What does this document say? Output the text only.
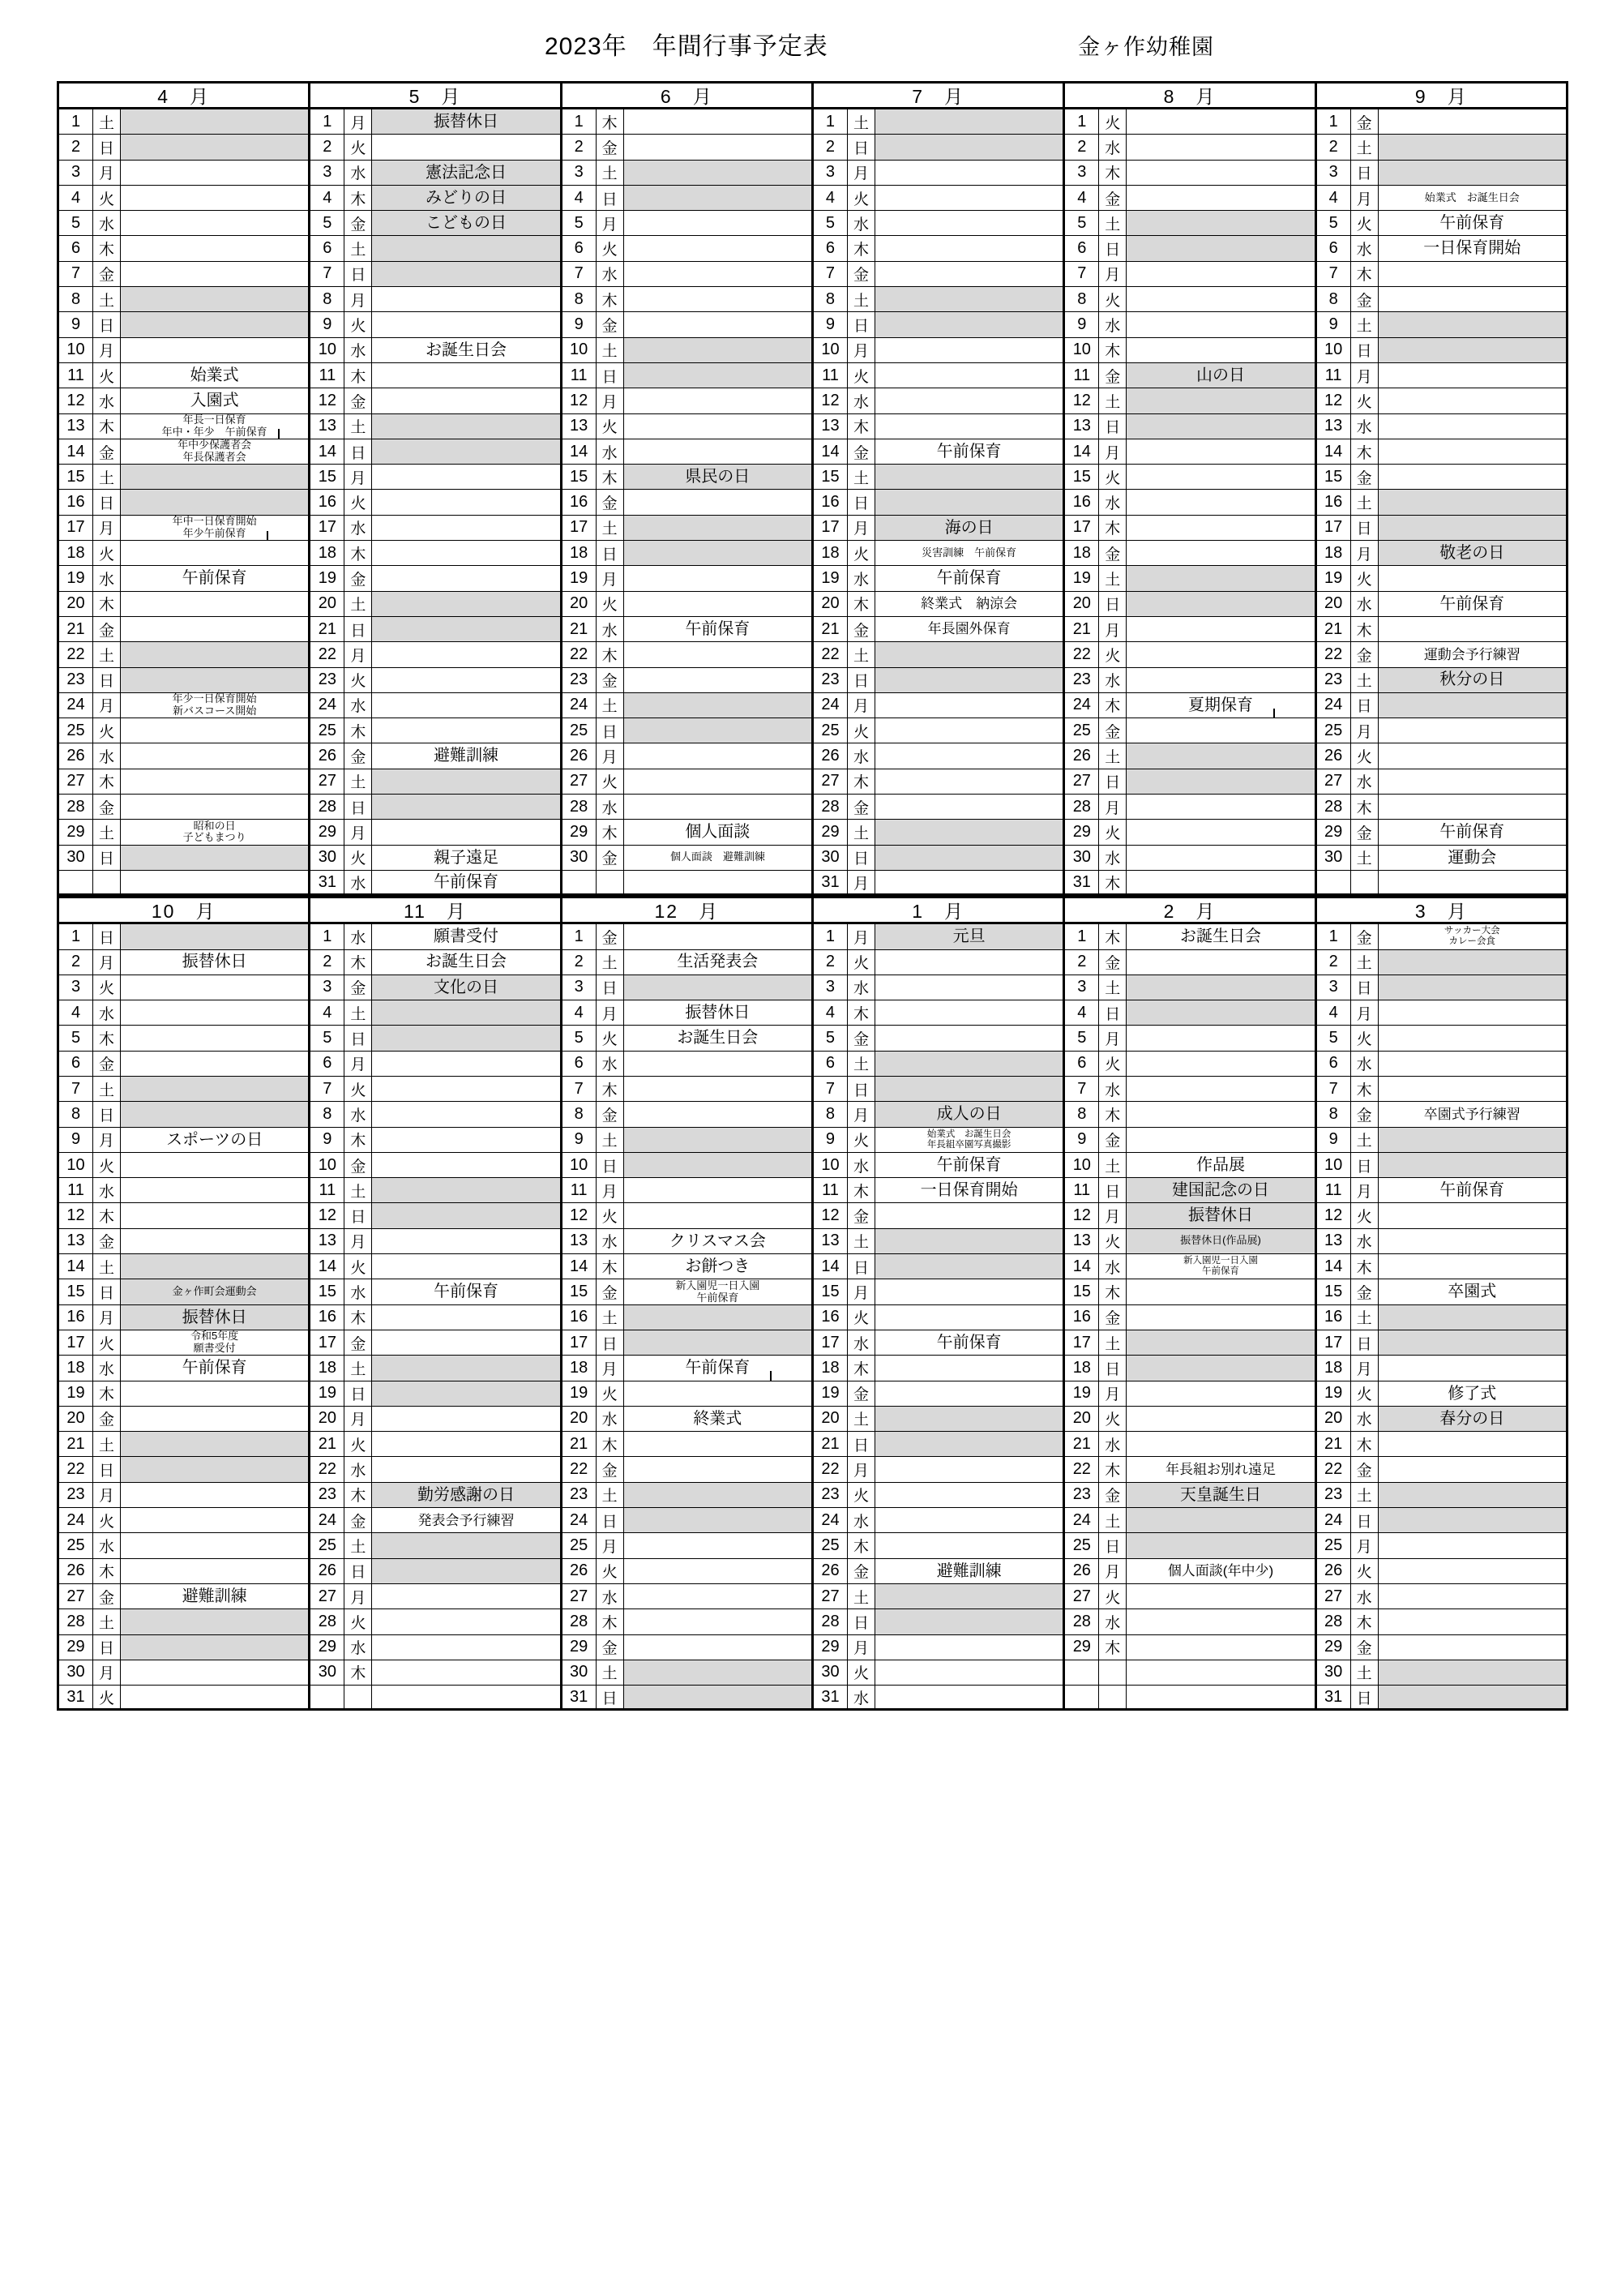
2023年　年間行事予定表	金ヶ作幼稚園
4　月
1	土
2	日
3	月
4	火
5	水
6	木
7	金
8	土
9	日
10 月
11 火	始業式
12 水	入園式
13 木	年長一日保育
年中・年少　午前保育
14 金	年中少保護者会
年長保護者会
15 土
16 日
17 月	年中一日保育開始
年少午前保育
18 火
19 水	午前保育
20 木
21 金
22 土
23 日
24 月	年少一日保育開始
新バスコース開始
25 火
26 水
27 木
28 金
29 土	昭和の日
子どもまつり
30 日
5　月
1	月	振替休日
2	火
3	水	憲法記念日
4	木	みどりの日
5	金	こどもの日
6	土
7	日
8	月
9	火
10 水	お誕生日会
11 木
12 金
13 土
14 日
15 月
16 火
17 水
18 木
19 金
20 土
21 日
22 月
23 火
24 水
25 木
26 金	避難訓練
27 土
28 日
29 月
30 火	親子遠足
31 水	午前保育
6　月
1	木
2	金
3	土
4	日
5	月
6	火
7	水
8	木
9	金
10 土
11 日
12 月
13 火
14 水
15 木	県民の日
16 金
17 土
18 日
19 月
20 火
21 水	午前保育
22 木
23 金
24 土
25 日
26 月
27 火
28 水
29 木	個人面談
30 金	個人面談　避難訓練
7　月
1	土
2	日
3	月
4	火
5	水
6	木
7	金
8	土
9	日
10 月
11 火
12 水
13 木
14 金	午前保育
15 土
16 日
17 月	海の日
18 火	災害訓練　午前保育
19 水	午前保育
20 木	終業式　納涼会
21 金	年長園外保育
22 土
23 日
24 月
25 火
26 水
27 木
28 金
29 土
30 日
31 月
8　月
1	火
2	水
3	木
4	金
5	土
6	日
7	月
8	火
9	水
10 木
11 金	山の日
12 土
13 日
14 月
15 火
16 水
17 木
18 金
19 土
20 日
21 月
22 火
23 水
24 木	夏期保育
25 金
26 土
27 日
28 月
29 火
30 水
31 木
9　月
1	金
2	土
3	日
4	月	始業式　お誕生日会
5	火	午前保育
6	水	一日保育開始
7	木
8	金
9	土
10 日
11 月
12 火
13 水
14 木
15 金
16 土
17 日
18 月	敬老の日
19 火
20 水	午前保育
21 木
22 金	運動会予行練習
23 土	秋分の日
24 日
25 月
26 火
27 水
28 木
29 金	午前保育
30 土	運動会
10　月
1	日
2	月	振替休日
3	火
4	水
5	木
6	金
7	土
8	日
9	月	スポーツの日
10 火
11 水
12 木
13 金
14 土
15 日	金ヶ作町会運動会
16 月	振替休日
17 火	令和5年度
願書受付
18 水	午前保育
19 木
20 金
21 土
22 日
23 月
24 火
25 水
26 木
27 金	避難訓練
28 土
29 日
30 月
31 火
11　月
1	水	願書受付
2	木	お誕生日会
3	金	文化の日
4	土
5	日
6	月
7	火
8	水
9	木
10 金
11 土
12 日
13 月
14 火
15 水	午前保育
16 木
17 金
18 土
19 日
20 月
21 火
22 水
23 木	勤労感謝の日
24 金	発表会予行練習
25 土
26 日
27 月
28 火
29 水
30 木
12　月
1	金
2	土	生活発表会
3	日
4	月	振替休日
5	火	お誕生日会
6	水
7	木
8	金
9	土
10 日
11 月
12 火
13 水	クリスマス会
14 木	お餅つき
15 金	新入園児一日入園
午前保育
16 土
17 日
18 月	午前保育
19 火
20 水	終業式
21 木
22 金
23 土
24 日
25 月
26 火
27 水
28 木
29 金
30 土
31 日
1　月
1	月	元旦
2	火
3	水
4	木
5	金
6	土
7	日
8	月	成人の日
9	火	始業式　お誕生日会
年長組卒園写真撮影
10 水	午前保育
11 木	一日保育開始
12 金
13 土
14 日
15 月
16 火
17 水	午前保育
18 木
19 金
20 土
21 日
22 月
23 火
24 水
25 木
26 金	避難訓練
27 土
28 日
29 月
30 火
31 水
2　月
1	木	お誕生日会
2	金
3	土
4	日
5	月
6	火
7	水
8	木
9	金
10 土	作品展
11 日	建国記念の日
12 月	振替休日
13 火	振替休日(作品展)
14 水	新入園児一日入園
午前保育
15 木
16 金
17 土
18 日
19 月
20 火
21 水
22 木	年長組お別れ遠足
23 金	天皇誕生日
24 土
25 日
26 月	個人面談(年中少)
27 火
28 水
29 木
3　月
1	金	サッカー大会
カレー会食
2	土
3	日
4	月
5	火
6	水
7	木
8	金	卒園式予行練習
9	土
10 日
11 月	午前保育
12 火
13 水
14 木
15 金	卒園式
16 土
17 日
18 月
19 火	修了式
20 水	春分の日
21 木
22 金
23 土
24 日
25 月
26 火
27 水
28 木
29 金
30 土
31 日
